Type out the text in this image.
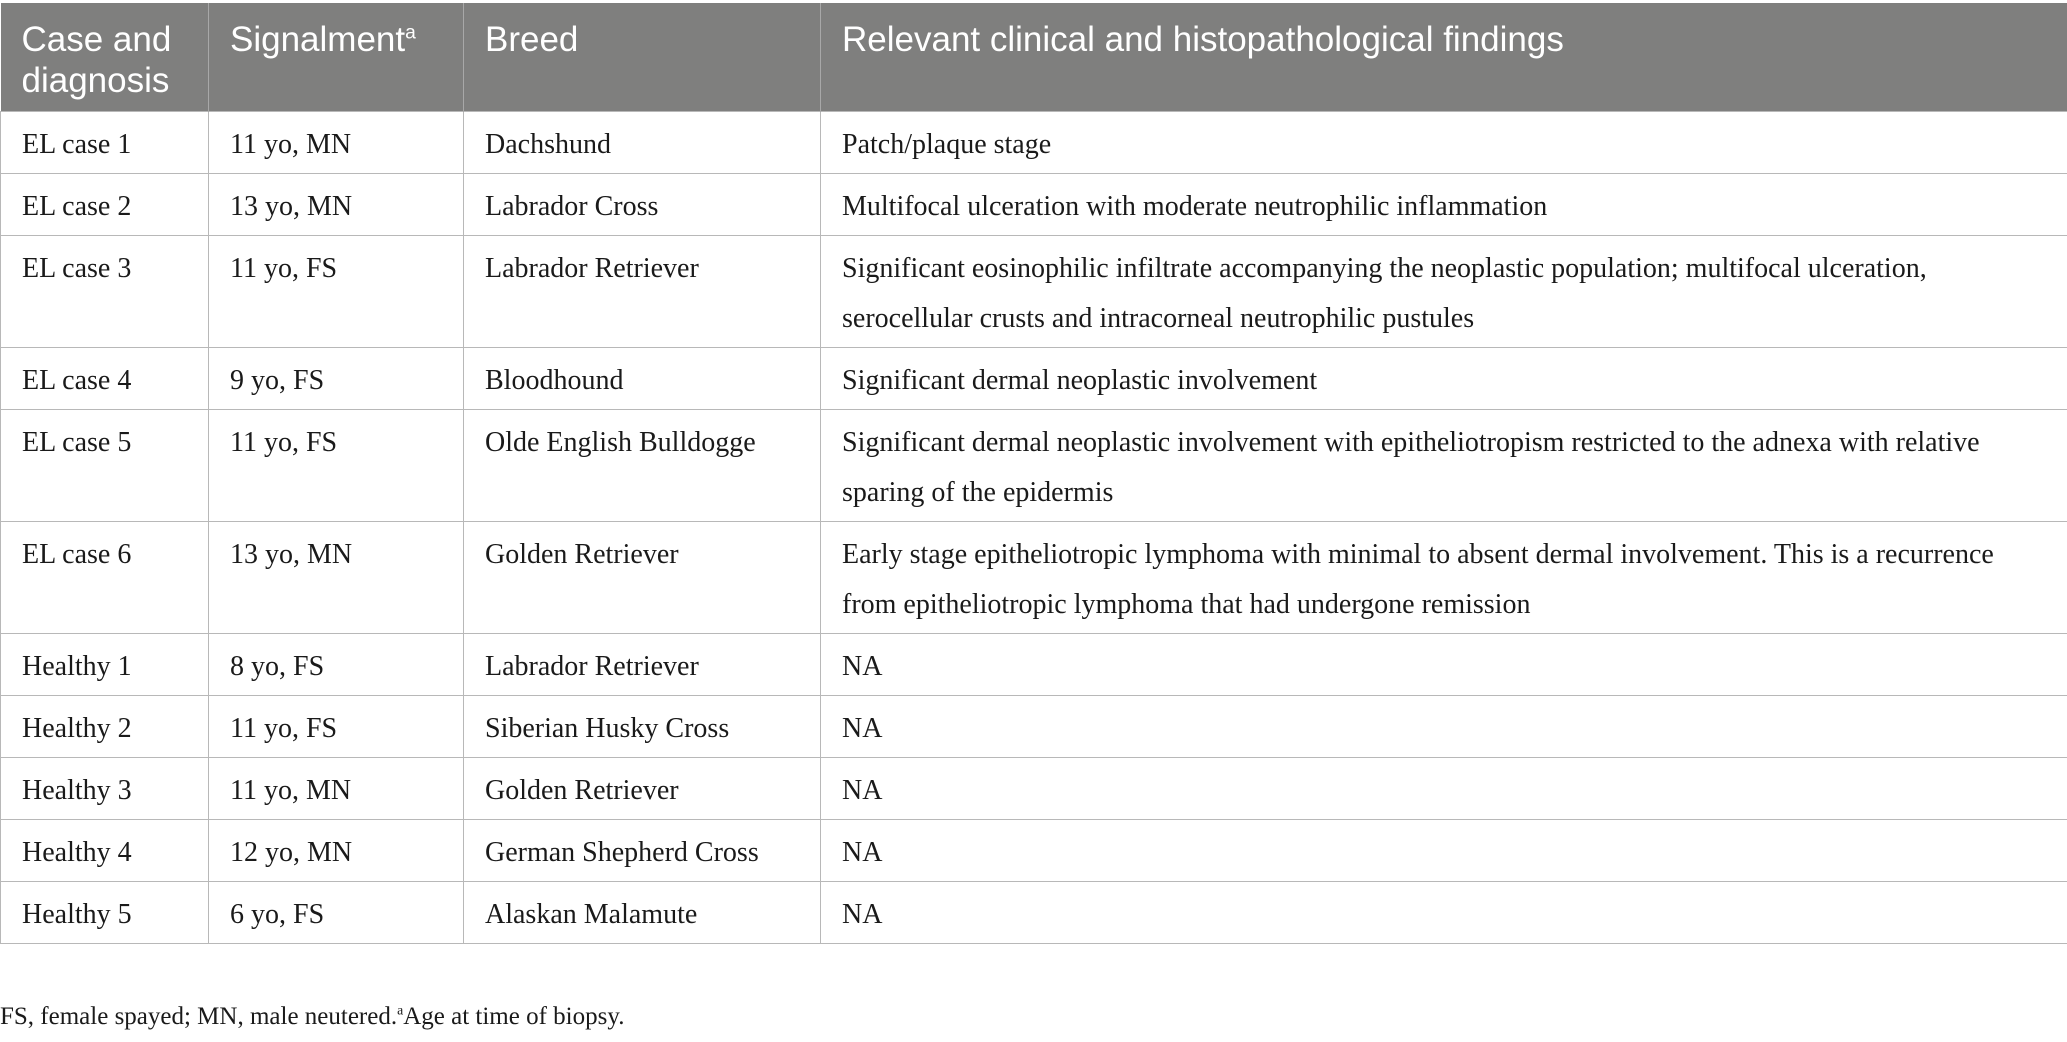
Case and diagnosis	Signalment$^a$	Breed	Relevant clinical and histopathological findings
EL case 1	11 yo, MN	Dachshund	Patch/plaque stage
EL case 2	13 yo, MN	Labrador Cross	Multifocal ulceration with moderate neutrophilic inflammation
EL case 3	11 yo, FS	Labrador Retriever	Significant eosinophilic infiltrate accompanying the neoplastic population; multifocal ulceration, serocellular crusts and intracorneal neutrophilic pustules
EL case 4	9 yo, FS	Bloodhound	Significant dermal neoplastic involvement
EL case 5	11 yo, FS	Olde English Bulldogge	Significant dermal neoplastic involvement with epitheliotropism restricted to the adnexa with relative sparing of the epidermis
EL case 6	13 yo, MN	Golden Retriever	Early stage epitheliotropic lymphoma with minimal to absent dermal involvement. This is a recurrence from epitheliotropic lymphoma that had undergone remission
Healthy 1	8 yo, FS	Labrador Retriever	NA
Healthy 2	11 yo, FS	Siberian Husky Cross	NA
Healthy 3	11 yo, MN	Golden Retriever	NA
Healthy 4	12 yo, MN	German Shepherd Cross	NA
Healthy 5	6 yo, FS	Alaskan Malamute	NA
FS, female spayed; MN, male neutered.$^a$Age at time of biopsy.
